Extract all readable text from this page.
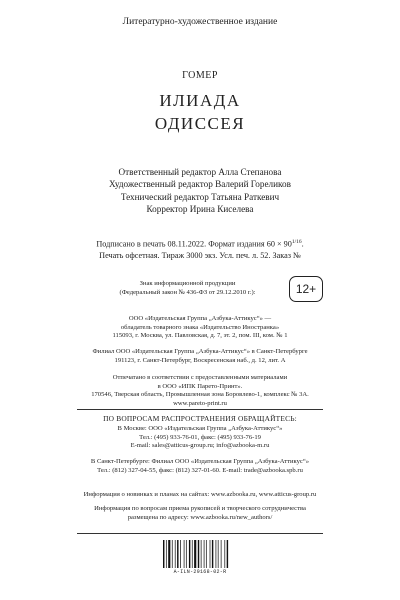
Литературно-художественное издание
ГОМЕР
ИЛИАДА
ОДИССЕЯ
Ответственный редактор Алла Степанова
Художественный редактор Валерий Гореликов
Технический редактор Татьяна Раткевич
Корректор Ирина Киселева
Подписано в печать 08.11.2022. Формат издания $60 \times 90^{1/16}$.
Печать офсетная. Тираж 3000 экз. Усл. печ. л. 52. Заказ №
Знак информационной продукции
(Федеральный закон № 436-ФЗ от 29.12.2010 г.):	12+
ООО «Издательская Группа „Азбука-Аттикус“» —
обладатель товарного знака «Издательство Иностранка»
115093, г. Москва, ул. Павловская, д. 7, эт. 2, пом. III, ком. № 1
Филиал ООО «Издательская Группа „Азбука-Аттикус“» в Санкт-Петербурге
191123, г. Санкт-Петербург, Воскресенская наб., д. 12, лит. А
Отпечатано в соответствии с предоставленными материалами
в ООО «ИПК Парето-Принт».
170546, Тверская область, Промышленная зона Боровлево-1, комплекс № 3А.
www.pareto-print.ru
ПО ВОПРОСАМ РАСПРОСТРАНЕНИЯ ОБРАЩАЙТЕСЬ:
В Москве: ООО «Издательская Группа „Азбука-Аттикус“»
Тел.: (495) 933-76-01, факс: (495) 933-76-19
E-mail: sales@atticus-group.ru; info@azbooka-m.ru
В Санкт-Петербурге: Филиал ООО «Издательская Группа „Азбука-Аттикус“»
Тел.: (812) 327-04-55, факс: (812) 327-01-60. E-mail: trade@azbooka.spb.ru
Информация о новинках и планах на сайтах: www.azbooka.ru, www.atticus-group.ru
Информация по вопросам приема рукописей и творческого сотрудничества
размещена по адресу: www.azbooka.ru/new_authors/
А-ILN-29168-02-R
